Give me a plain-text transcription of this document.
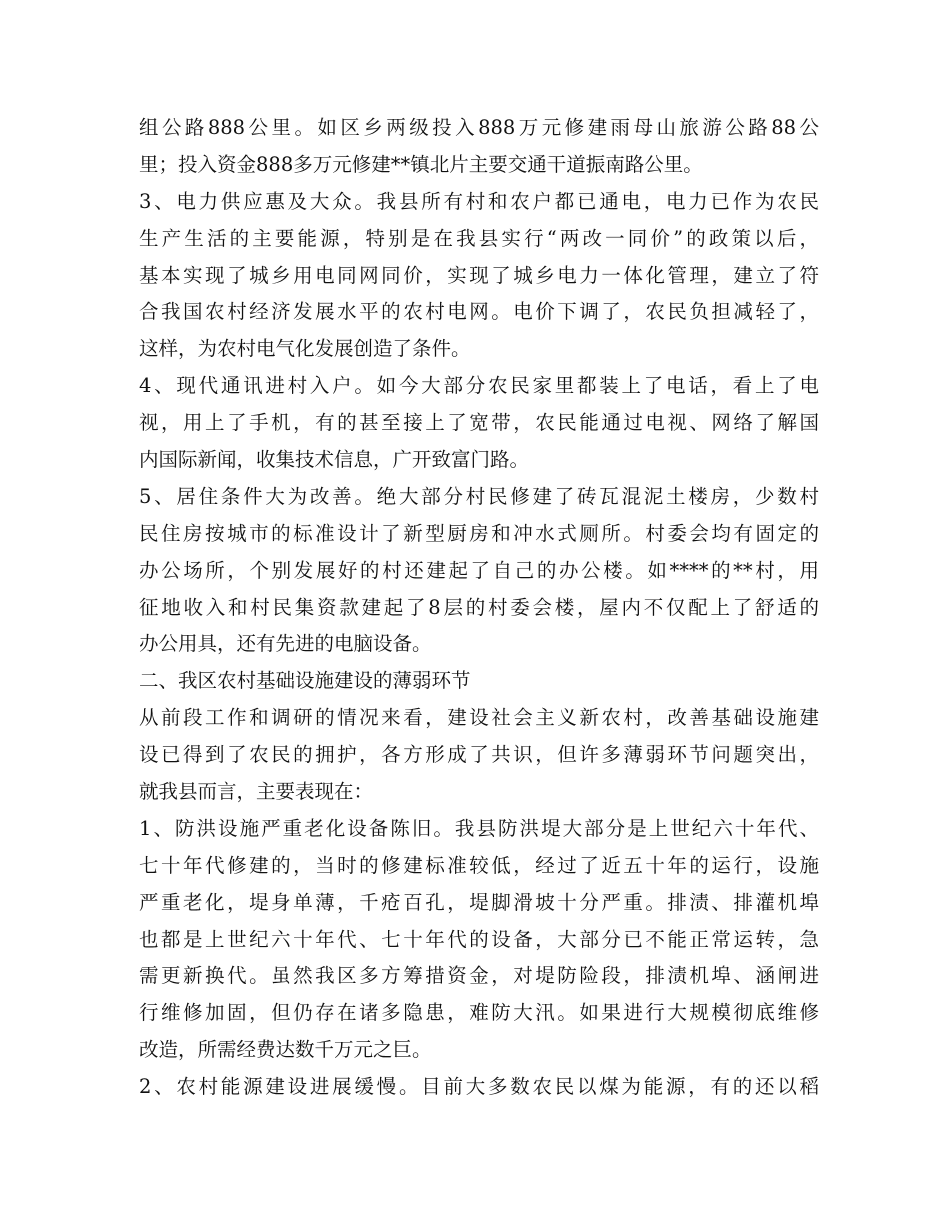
组公路888公里。如区乡两级投入888万元修建雨母山旅游公路88公
里；投入资金888多万元修建**镇北片主要交通干道振南路公里。
3、电力供应惠及大众。我县所有村和农户都已通电，电力已作为农民
生产生活的主要能源，特别是在我县实行“两改一同价”的政策以后，
基本实现了城乡用电同网同价，实现了城乡电力一体化管理，建立了符
合我国农村经济发展水平的农村电网。电价下调了，农民负担减轻了，
这样，为农村电气化发展创造了条件。
4、现代通讯进村入户。如今大部分农民家里都装上了电话，看上了电
视，用上了手机，有的甚至接上了宽带，农民能通过电视、网络了解国
内国际新闻，收集技术信息，广开致富门路。
5、居住条件大为改善。绝大部分村民修建了砖瓦混泥土楼房，少数村
民住房按城市的标准设计了新型厨房和冲水式厕所。村委会均有固定的
办公场所，个别发展好的村还建起了自己的办公楼。如****的**村，用
征地收入和村民集资款建起了8层的村委会楼，屋内不仅配上了舒适的
办公用具，还有先进的电脑设备。
二、我区农村基础设施建设的薄弱环节
从前段工作和调研的情况来看，建设社会主义新农村，改善基础设施建
设已得到了农民的拥护，各方形成了共识，但许多薄弱环节问题突出，
就我县而言，主要表现在：
1、防洪设施严重老化设备陈旧。我县防洪堤大部分是上世纪六十年代、
七十年代修建的，当时的修建标准较低，经过了近五十年的运行，设施
严重老化，堤身单薄，千疮百孔，堤脚滑坡十分严重。排渍、排灌机埠
也都是上世纪六十年代、七十年代的设备，大部分已不能正常运转，急
需更新换代。虽然我区多方筹措资金，对堤防险段，排渍机埠、涵闸进
行维修加固，但仍存在诸多隐患，难防大汛。如果进行大规模彻底维修
改造，所需经费达数千万元之巨。
2、农村能源建设进展缓慢。目前大多数农民以煤为能源，有的还以稻
